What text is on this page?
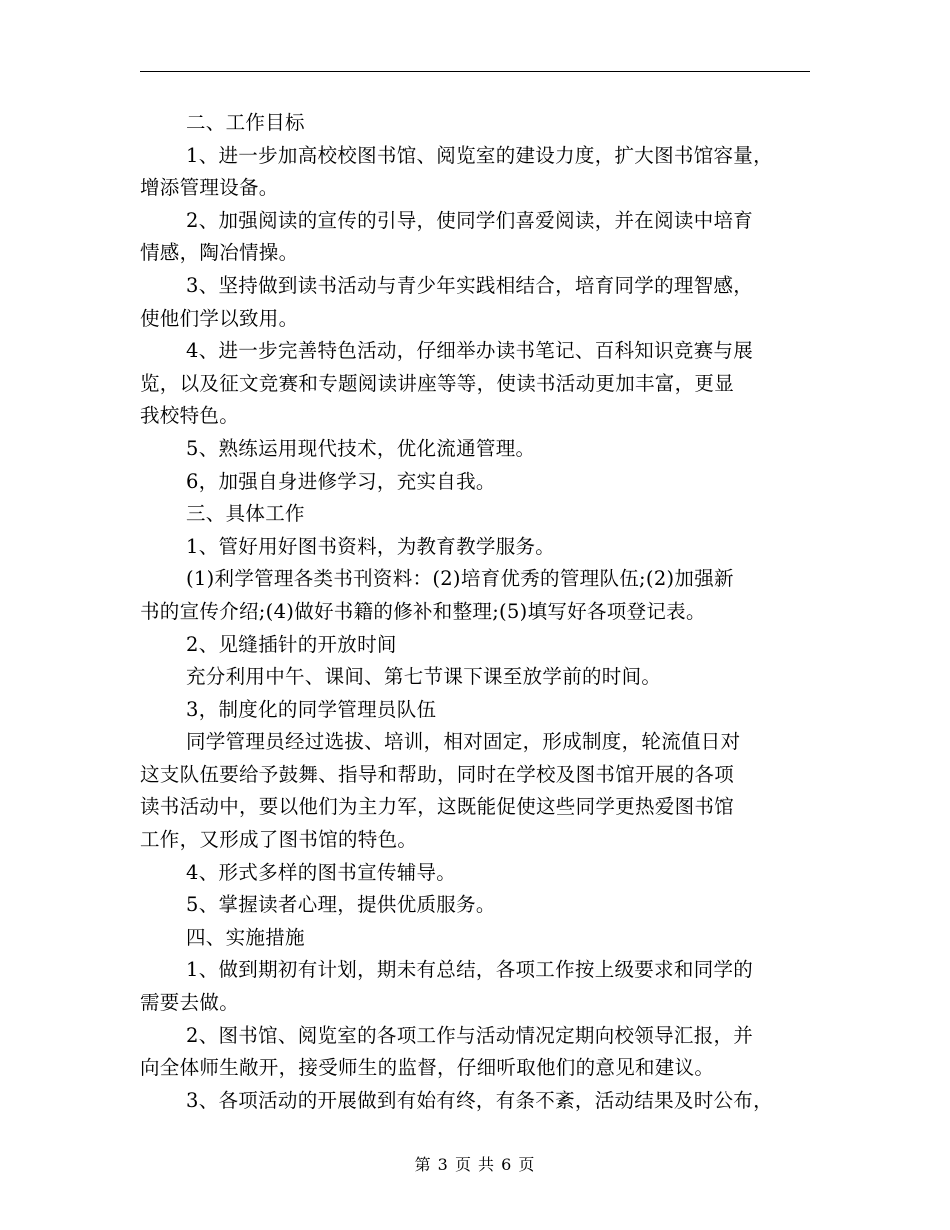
二、工作目标
1、进一步加高校校图书馆、阅览室的建设力度，扩大图书馆容量，
增添管理设备。
2、加强阅读的宣传的引导，使同学们喜爱阅读，并在阅读中培育
情感，陶冶情操。
3、坚持做到读书活动与青少年实践相结合，培育同学的理智感，
使他们学以致用。
4、进一步完善特色活动，仔细举办读书笔记、百科知识竞赛与展
览，以及征文竞赛和专题阅读讲座等等，使读书活动更加丰富，更显
我校特色。
5、熟练运用现代技术，优化流通管理。
6，加强自身进修学习，充实自我。
三、具体工作
1、管好用好图书资料，为教育教学服务。
(1)利学管理各类书刊资料：(2)培育优秀的管理队伍;(2)加强新
书的宣传介绍;(4)做好书籍的修补和整理;(5)填写好各项登记表。
2、见缝插针的开放时间
充分利用中午、课间、第七节课下课至放学前的时间。
3，制度化的同学管理员队伍
同学管理员经过选拔、培训，相对固定，形成制度，轮流值日对
这支队伍要给予鼓舞、指导和帮助，同时在学校及图书馆开展的各项
读书活动中，要以他们为主力军，这既能促使这些同学更热爱图书馆
工作，又形成了图书馆的特色。
4、形式多样的图书宣传辅导。
5、掌握读者心理，提供优质服务。
四、实施措施
1、做到期初有计划，期未有总结，各项工作按上级要求和同学的
需要去做。
2、图书馆、阅览室的各项工作与活动情况定期向校领导汇报，并
向全体师生敞开，接受师生的监督，仔细听取他们的意见和建议。
3、各项活动的开展做到有始有终，有条不紊，活动结果及时公布，
第 3 页 共 6 页
